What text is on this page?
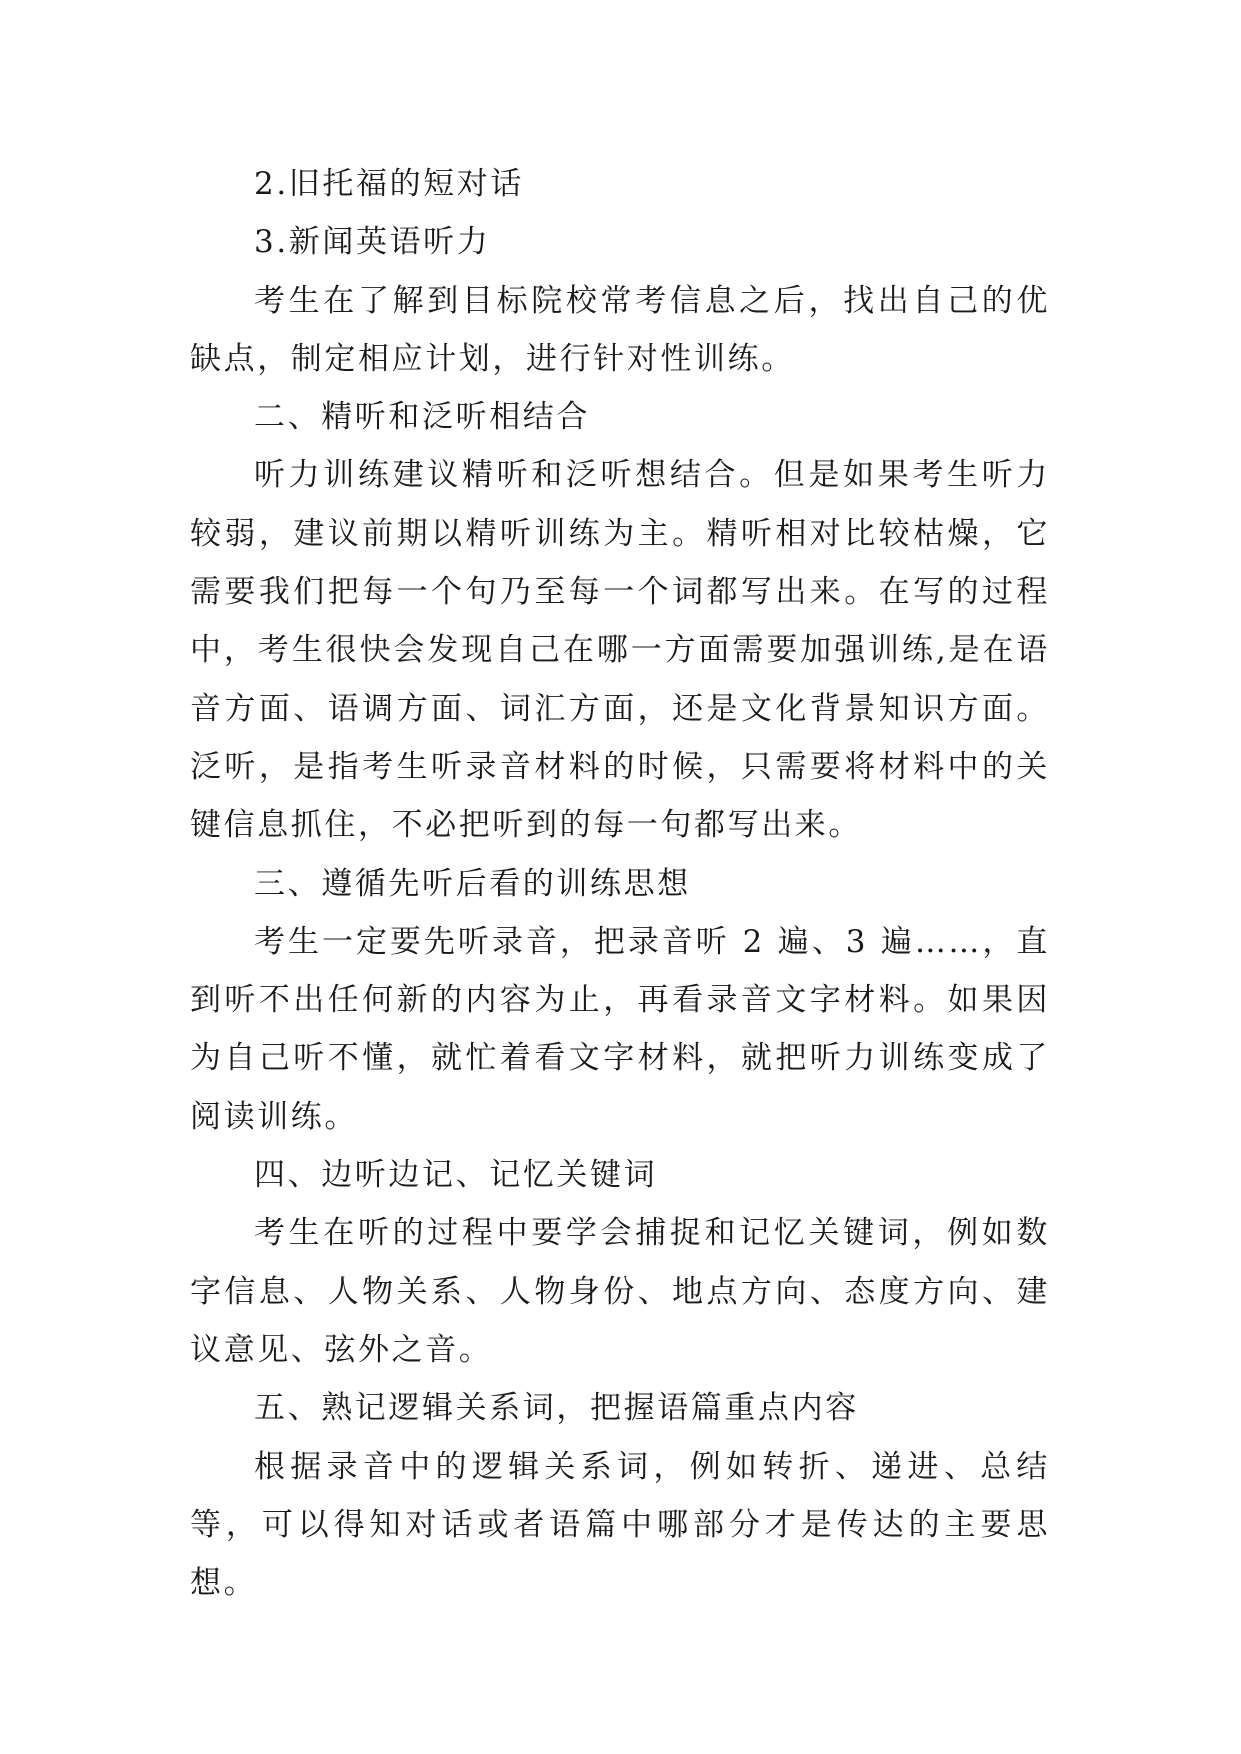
2.旧托福的短对话

3.新闻英语听力

考生在了解到目标院校常考信息之后，找出自己的优缺点，制定相应计划，进行针对性训练。

二、精听和泛听相结合

听力训练建议精听和泛听想结合。但是如果考生听力较弱，建议前期以精听训练为主。精听相对比较枯燥，它需要我们把每一个句乃至每一个词都写出来。在写的过程中，考生很快会发现自己在哪一方面需要加强训练,是在语音方面、语调方面、词汇方面，还是文化背景知识方面。泛听，是指考生听录音材料的时候，只需要将材料中的关键信息抓住，不必把听到的每一句都写出来。

三、遵循先听后看的训练思想

考生一定要先听录音，把录音听 2 遍、3 遍……，直到听不出任何新的内容为止，再看录音文字材料。如果因为自己听不懂，就忙着看文字材料，就把听力训练变成了阅读训练。

四、边听边记、记忆关键词

考生在听的过程中要学会捕捉和记忆关键词，例如数字信息、人物关系、人物身份、地点方向、态度方向、建议意见、弦外之音。

五、熟记逻辑关系词，把握语篇重点内容

根据录音中的逻辑关系词，例如转折、递进、总结等，可以得知对话或者语篇中哪部分才是传达的主要思想。
